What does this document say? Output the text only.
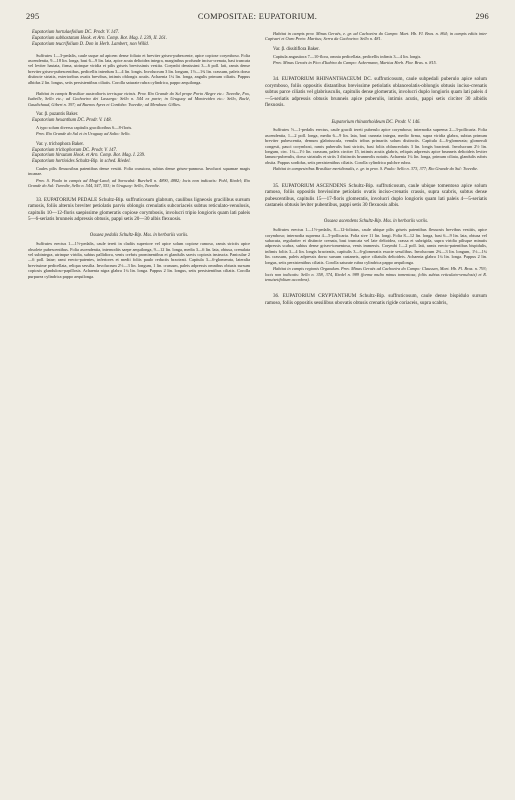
295	COMPOSITAE: EUPATORIUM.	296

Eupatorium hortulaefolium DC. Prodr. V. 147.

Eupatorium subhastatum Hook. et Arn. Comp. Bot. Mag. I. 239, II. 261.

Eupatorium teucrifolium D. Don in Herb. Lambert, non Willd.

Suffrutex 1—3-pedalis, caule usque ad apicem dense foliato et breviter griseo-pubescente, apice copiose corymboso. Folia ascendentia, 9—18 lin. longa, basi 6—9 lin. lata, apice acuta deltoidea integra, marginibus profunde inciso-crenata, basi truncata vel leviter hastata, firma, utrinque viridia et pilis griseis brevissimis vestita. Corymbi densissimi 3—6 poll. lati, ramis dense breviter griseo-pubescentibus, pedicellis interdum 3—4 lin. longis. Involucrum 3 lin. longum, 1½—1¾ lin. crassum, paleis dorso distincte striatis, exterioribus ovatis brevibus, intimis oblongis acutis. Achaenia 1¼ lin. longa, angulis primum ciliatis. Pappus albidus 2 lin. longus, setis persistentibus ciliatis. Corolla saturate rubra cylindrica, pappo aequilonga.

Habitat in campis Brasiliae australioris terrisque vicinis. Prov. Rio Grande do Sul prope Porto Alegre etc.: Tweedie, Fox, Isabelle, Sello etc.; ad Cachoeira dei Lassergo: Sello n. 544 ex parte; in Uruguay ad Montevideo etc.: Sello, Baclé, Gaudichaud, Gibert n. 397; ad Buenos Ayres et Cordoba: Tweedie; ad Mendoza: Gillies.

Var. β. puzantis Baker.

Eupatorium hexanthum DC. Prodr. V. 148.

A typo solum diversa capitulis gracilioribus 6—8-floris.

Prov. Rio Grande do Sul et in Uruguay ad Salto: Sello.

Var. γ. trichophora Baker.

Eupatorium trichophorum DC. Prodr. V. 147.

Eupatorium hirsutum Hook. et Arn. Comp. Bot. Mag. I. 239.

Eupatorium hortioides Schultz-Bip. in sched. Riedel.

Caules pilis flexuosibus patentibus dense vestiti. Folia crassiora, subtus dense griseo-pannosa. Involucri squamae magis incanae.

Prov. S. Paulo in campis ad Mogi-Land; ad Sorocabá: Burchell n. 4890, 4882; locis non indicatis: Pohl, Riedel; Rio Grande do Sul: Tweedie, Sello n. 544, 547, 553; in Uruguay: Sello, Tweedie.

33. EUPATORIUM PEDALE Schultz-Bip. suffruticosum glabrum, caulibus ligneosis gracilibus sursum ramosis, foliis alternis breviter petiolatis parvis oblongis crenulatis subcoriaceis subtus reticulato-venulosis, capitulis 10—12-floris saepissime glomeratis copiose corymbosis, involucri tripio longioris quam lati paleis 5—6-seriatis brunneis adpressis obtusis, pappi setis 20—30 albis flexuosis.

Ossaea pedalis Schultz-Bip. Mss. in herbariis variis.

Suffrutex erectus 1—1½-pedalis, caule tereti in cladiis superiore vel apice solum copiose ramoso, ramis strictis apice obsolete pubescentibus. Folia ascendentia, internodiis saepe aequilonga, 9—12 lin. longa, media 3—6 lin. lata, obtusa, crenulata vel subintegra, utrinque viridia, subtus pallidiora, venis crebris prominentibus et glandulis sarvis copiosis instructa. Paniculae 2—6 poll. latae; rami erecto-patentes, inferiores et medii foliis paulo reductis bracteati. Capitula 3—6-glomerata, lateralia brevissime pedicellata, reliqua sessilia. Involucrum 2½—3 lin. longum, 1 lin. crassum, paleis adpressis omnibus obtusis sursum copiosis glanduloso-papillosis. Achaenia nigra glabra 1¼ lin. longa. Pappus 2 lin. longus, setis persistentibus ciliatis. Corolla purpurea cylindrica pappo aequilonga.

Habitat in campis prov. Minas Geraës, e. gr. ad Cachoeira do Campo: Mart. Hb. Fl. Bras. n. 864; in campis editis inter Capivari et Ouro Preto: Martius; Serra da Cachoeira: Sello n. 481.

Var. β. dissitiflora Baker.

Capitula angustiora 7—10-flora, omnia pedicellata, pedicellis infimis 3—4 lin. longis.

Prov. Minas Geraës in Pico d'Itabira do Campo: Ackermann, Martius Herb. Flor. Bras. n. 815.

34. EUPATORIUM RHINANTHACEUM DC. suffruticosum, caule subpedali puberulo apice solum corymboso, foliis oppositis distantibus brevissime petiolatis oblanceolatis-oblongis obtusis inciso-crenatis subtus parce ciliatis vel glabriusculis, capitulis dense glomeratis, involucri duplo longioris quam lati paleis 4—5-seriatis adpressis obtusis brunneis apice puberulis, intimis acutis, pappi setis circiter 30 albidis flexuosis.

Eupatorium rhinanthoideum DC. Prodr. V. 146.

Suffrutex ½—1-pedalis erectus, caule gracili tereti puberulo apice corymboso; internodia suprema 2—3-pollicaria. Folia ascendentia, 1—2 poll. longa, media 6—9 lin. lata, basi cuneata integra, medio firma, supra viridia glabra, subtus primum breviter pubescentia, demum glabriuscula, venulis tribus primariis solum distinctis. Capitula 4—6-glomerata; glomeruli congesti, pauci corymbosi, ramis puberulis basi strictis, basi foliis oblanceolatis 3 lin. longis bracteati. Involucrum 2½ lin. longum, circ. 1¼—1½ lin. crassum, paleis circiter 15, intimis acutis glabris, reliquis adpressis apice brunneis deltoideis leviter lanuno-puberulis, dorso striatulis et striis 3 distinctis brunneolis notatis. Achaenia 1¼ lin. longa, primum ciliata, glandulis rubris obsita. Pappus sordidus, setis persistentibus ciliatis. Corolla cylindrica pulchre rubra.

Habitat in campestribus Brasiliae meridionalis, e. gr. in prov. S. Paulo: Sello n. 373, 377; Rio Grande do Sul: Tweedie.

35. EUPATORIUM ASCENDENS Schultz-Bip. suffruticosum, caule ubique tomentoso apice solum ramoso, foliis oppositis brevissime petiolatis ovatis inciso-crenatis crassis, supra scabris, subtus dense pubescentibus, capitulis 15—17-floris glomeratis, involucri duplo longioris quam lati paleis 4—5-seriatis castaneis obtusis leviter pubentibus, pappi setis 30 flexuosis albis.

Ossaea ascendens Schultz-Bip. Mss. in herbariis variis.

Suffrutex erectus 1—1½-pedalis, 8—12-foliatus, caule ubique pilis griseis patentibus flexuosis brevibus vestitis, apice corymboso; internodia suprema 4—5-pollicaria. Folia sive 11 lin. longi. Folia 8—12 lin. longa, basi 6—9 lin. lata, obtusa vel subacuta, regulariter et distincte crenata, basi truncata vel late deltoidea, crassa et subrigida, supra viridia pilisque minutis adpressis scabra, subtus dense griseo-tomentosa, venis immersis. Corymbi 1—2 poll. lati, ramis erecto-patentibus bispidulis, infimis foliis 3—4 lin. longis bracteatis, capitulis 3—6-glomeratis exacte sessilibus. Involucrum 2¾—3 lin. longum, 1½—1¾ lin. crassum, paleis adpressis dorso sursum castaneis, apice ciliatulis deltoideis. Achaenia glabra 1¼ lin. longa. Pappus 2 lin. longus, setis persistentibus ciliatis. Corolla saturate rubra cylindrica pappo aequilonga.

Habitat in campis regionis Organdum. Prov. Minas Geraës ad Cachoeira do Campo: Claussen, Mart. Hb. Fl. Bras. n. 793; locis non indicatis: Sello n. 358, 374, Riedel n. 989 (forma multo minus tomentosa, foliis subtus reticulato-venulosis) et R. tenuisetifolium accedens).

36. EUPATORIUM CRYPTANTHUM Schultz-Bip. suffruticosum, caule dense bispidulo sursum ramoso, foliis oppositis sessilibus obovatis obtusis crenatis rigide coriaceis, supra scabris,
